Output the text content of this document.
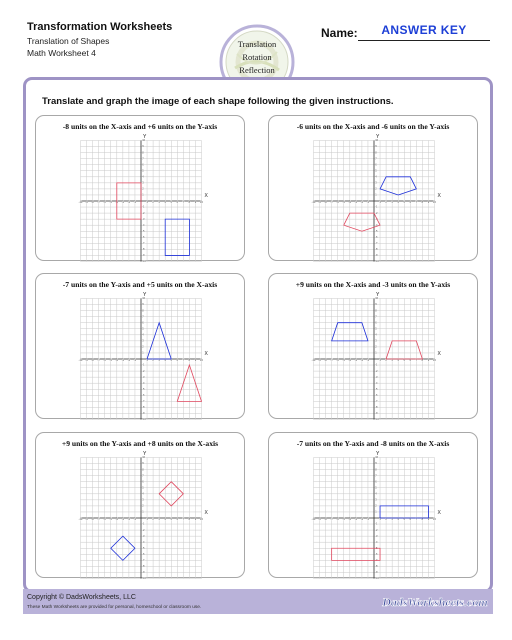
Transformation Worksheets
Translation of Shapes
Math Worksheet 4
Translation
Rotation
Reflection
Name:	ANSWER KEY
Translate and graph the image of each shape following the given instructions.
-8 units on the X-axis and +6 units on the Y-axis
-10 -9 -8 -7 -6 -5 -4 -3 -2 -1	1 2 3 4 5 6 7 8 9 10
10
9
8
7
6
5
4
3
2
1
-1
-2
-3
-4
-5
-6
-7
-8
-9
-10
X
Y
-6 units on the X-axis and -6 units on the Y-axis
-10 -9 -8 -7 -6 -5 -4 -3 -2 -1	1 2 3 4 5 6 7 8 9 10
10
9
8
7
6
5
4
3
2
1
-1
-2
-3
-4
-5
-6
-7
-8
-9
-10
X
Y
-7 units on the Y-axis and +5 units on the X-axis
-10 -9 -8 -7 -6 -5 -4 -3 -2 -1	1 2 3 4 5 6 7 8 9 10
10
9
8
7
6
5
4
3
2
1
-1
-2
-3
-4
-5
-6
-7
-8
-9
-10
X
Y
+9 units on the X-axis and -3 units on the Y-axis
-10 -9 -8 -7 -6 -5 -4 -3 -2 -1	1 2 3 4 5 6 7 8 9 10
10
9
8
7
6
5
4
3
2
1
-1
-2
-3
-4
-5
-6
-7
-8
-9
-10
X
Y
+9 units on the Y-axis and +8 units on the X-axis
-10 -9 -8 -7 -6 -5 -4 -3 -2 -1	1 2 3 4 5 6 7 8 9 10
10
9
8
7
6
5
4
3
2
1
-1
-2
-3
-4
-5
-6
-7
-8
-9
-10
X
Y
-7 units on the Y-axis and -8 units on the X-axis
-10 -9 -8 -7 -6 -5 -4 -3 -2 -1	1 2 3 4 5 6 7 8 9 10
10
9
8
7
6
5
4
3
2
1
-1
-2
-3
-4
-5
-6
-7
-8
-9
-10
X
Y
Copyright © DadsWorksheets, LLC
These Math Worksheets are provided for personal, homeschool or classroom use.	DadsWorksheets.com
